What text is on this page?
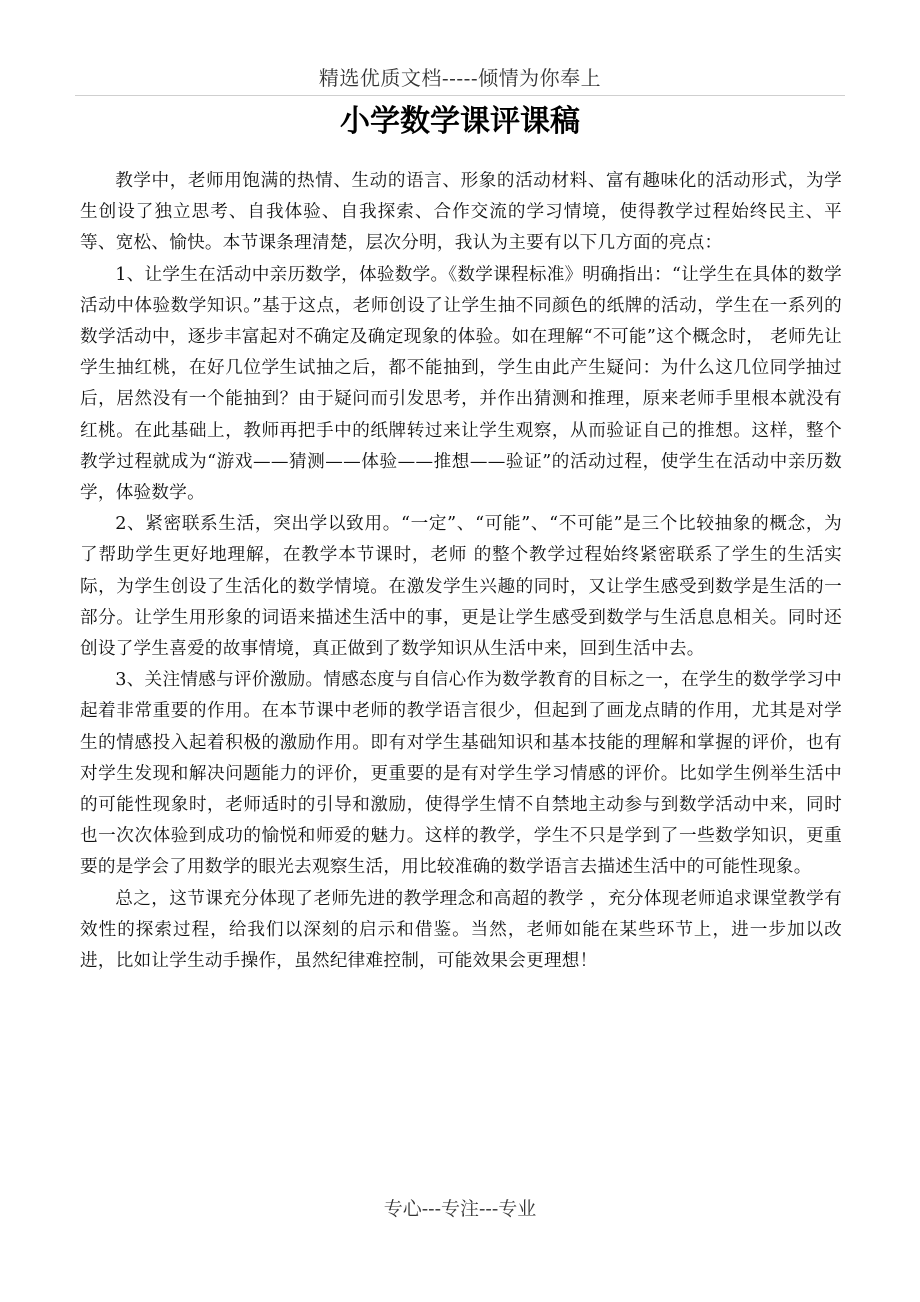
精选优质文档-----倾情为你奉上
小学数学课评课稿

教学中，老师用饱满的热情、生动的语言、形象的活动材料、富有趣味化的活动形式，为学生创设了独立思考、自我体验、自我探索、合作交流的学习情境，使得教学过程始终民主、平等、宽松、愉快。本节课条理清楚，层次分明，我认为主要有以下几方面的亮点：

1、让学生在活动中亲历数学，体验数学。《数学课程标准》明确指出：“让学生在具体的数学活动中体验数学知识。”基于这点，老师创设了让学生抽不同颜色的纸牌的活动，学生在一系列的数学活动中，逐步丰富起对不确定及确定现象的体验。如在理解“不可能”这个概念时， 老师先让学生抽红桃，在好几位学生试抽之后，都不能抽到，学生由此产生疑问：为什么这几位同学抽过后，居然没有一个能抽到？由于疑问而引发思考，并作出猜测和推理，原来老师手里根本就没有红桃。在此基础上，教师再把手中的纸牌转过来让学生观察，从而验证自己的推想。这样，整个教学过程就成为“游戏——猜测——体验——推想——验证”的活动过程，使学生在活动中亲历数学，体验数学。

2、紧密联系生活，突出学以致用。“一定”、“可能”、“不可能”是三个比较抽象的概念，为了帮助学生更好地理解，在教学本节课时，老师 的整个教学过程始终紧密联系了学生的生活实际，为学生创设了生活化的数学情境。在激发学生兴趣的同时，又让学生感受到数学是生活的一部分。让学生用形象的词语来描述生活中的事，更是让学生感受到数学与生活息息相关。同时还创设了学生喜爱的故事情境，真正做到了数学知识从生活中来，回到生活中去。

3、关注情感与评价激励。情感态度与自信心作为数学教育的目标之一，在学生的数学学习中起着非常重要的作用。在本节课中老师的教学语言很少，但起到了画龙点睛的作用，尤其是对学生的情感投入起着积极的激励作用。即有对学生基础知识和基本技能的理解和掌握的评价，也有对学生发现和解决问题能力的评价，更重要的是有对学生学习情感的评价。比如学生例举生活中的可能性现象时，老师适时的引导和激励，使得学生情不自禁地主动参与到数学活动中来，同时也一次次体验到成功的愉悦和师爱的魅力。这样的教学，学生不只是学到了一些数学知识，更重要的是学会了用数学的眼光去观察生活，用比较准确的数学语言去描述生活中的可能性现象。

总之，这节课充分体现了老师先进的教学理念和高超的教学 ，充分体现老师追求课堂教学有效性的探索过程，给我们以深刻的启示和借鉴。当然，老师如能在某些环节上，进一步加以改进，比如让学生动手操作，虽然纪律难控制，可能效果会更理想！

专心---专注---专业
